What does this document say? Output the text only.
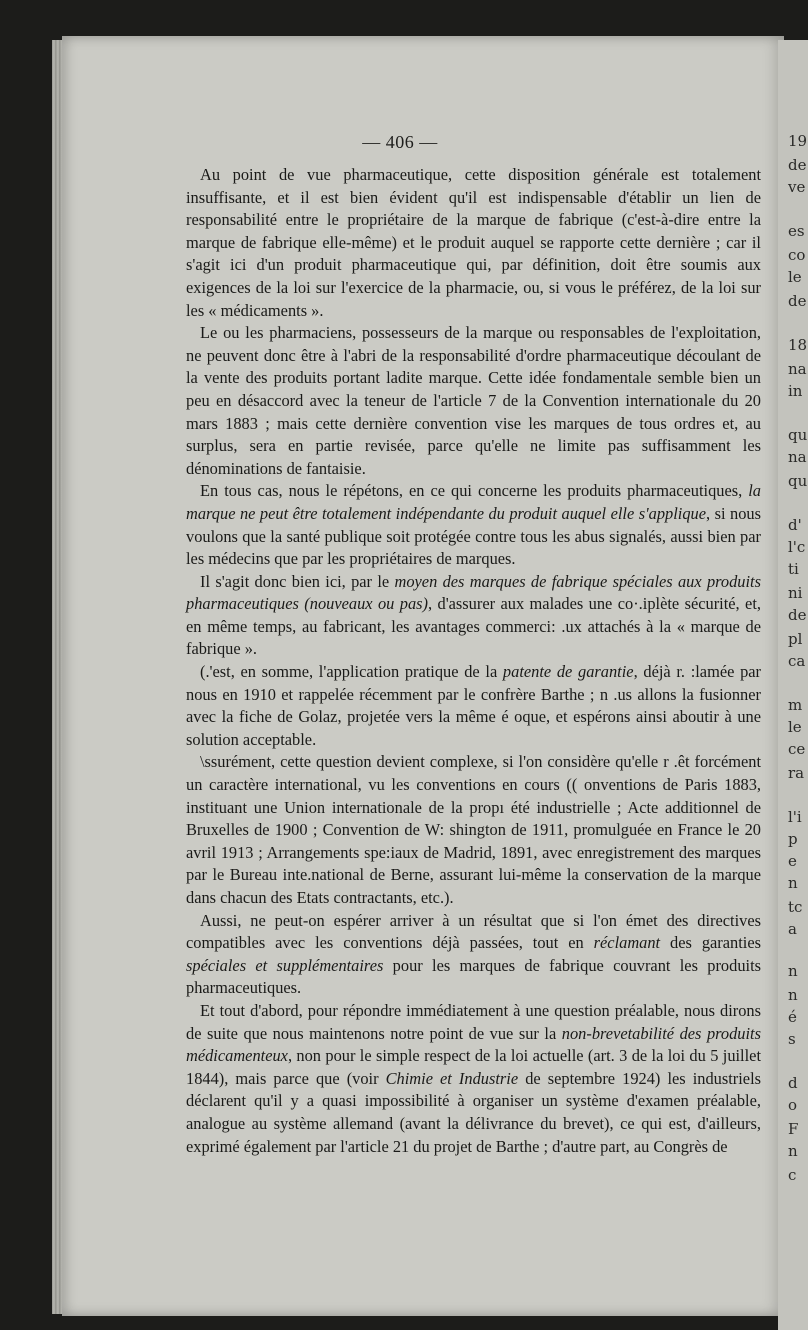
19
de
ve
es
co
le
de
18
na
in
qu
na
qu
d'
l'c
ti
ni
de
pl
ca
m
le
ce
ra
l'i
p
e
n
tc
a
n
n
é
s
d
o
F
n
c
— 406 —

Au point de vue pharmaceutique, cette disposition générale est totalement insuffisante, et il est bien évident qu'il est indispensable d'établir un lien de responsabilité entre le propriétaire de la marque de fabrique (c'est-à-dire entre la marque de fabrique elle-même) et le produit auquel se rapporte cette dernière ; car il s'agit ici d'un produit pharmaceutique qui, par définition, doit être soumis aux exigences de la loi sur l'exercice de la pharmacie, ou, si vous le préférez, de la loi sur les « médicaments ».

Le ou les pharmaciens, possesseurs de la marque ou responsables de l'exploitation, ne peuvent donc être à l'abri de la responsabilité d'ordre pharmaceutique découlant de la vente des produits portant ladite marque. Cette idée fondamentale semble bien un peu en désaccord avec la teneur de l'article 7 de la Convention internationale du 20 mars 1883 ; mais cette dernière convention vise les marques de tous ordres et, au surplus, sera en partie revisée, parce qu'elle ne limite pas suffisamment les dénominations de fantaisie.

En tous cas, nous le répétons, en ce qui concerne les produits pharmaceutiques, la marque ne peut être totalement indépendante du produit auquel elle s'applique, si nous voulons que la santé publique soit protégée contre tous les abus signalés, aussi bien par les médecins que par les propriétaires de marques.

Il s'agit donc bien ici, par le moyen des marques de fabrique spéciales aux produits pharmaceutiques (nouveaux ou pas), d'assurer aux malades une co·.iplète sécurité, et, en même temps, au fabricant, les avantages commerci: .ux attachés à la « marque de fabrique ».

(.'est, en somme, l'application pratique de la patente de garantie, déjà r. :lamée par nous en 1910 et rappelée récemment par le confrère Barthe ; n .us allons la fusionner avec la fiche de Golaz, projetée vers la même é oque, et espérons ainsi aboutir à une solution acceptable.

\ssurément, cette question devient complexe, si l'on considère qu'elle r .êt forcément un caractère international, vu les conventions en cours (( onventions de Paris 1883, instituant une Union internationale de la propı été industrielle ; Acte additionnel de Bruxelles de 1900 ; Convention de W: shington de 1911, promulguée en France le 20 avril 1913 ; Arrangements spe:iaux de Madrid, 1891, avec enregistrement des marques par le Bureau inte.national de Berne, assurant lui-même la conservation de la marque dans chacun des Etats contractants, etc.).

Aussi, ne peut-on espérer arriver à un résultat que si l'on émet des directives compatibles avec les conventions déjà passées, tout en réclamant des garanties spéciales et supplémentaires pour les marques de fabrique couvrant les produits pharmaceutiques.

Et tout d'abord, pour répondre immédiatement à une question préalable, nous dirons de suite que nous maintenons notre point de vue sur la non-brevetabilité des produits médicamenteux, non pour le simple respect de la loi actuelle (art. 3 de la loi du 5 juillet 1844), mais parce que (voir Chimie et Industrie de septembre 1924) les industriels déclarent qu'il y a quasi impossibilité à organiser un système d'examen préalable, analogue au système allemand (avant la délivrance du brevet), ce qui est, d'ailleurs, exprimé également par l'article 21 du projet de Barthe ; d'autre part, au Congrès de
